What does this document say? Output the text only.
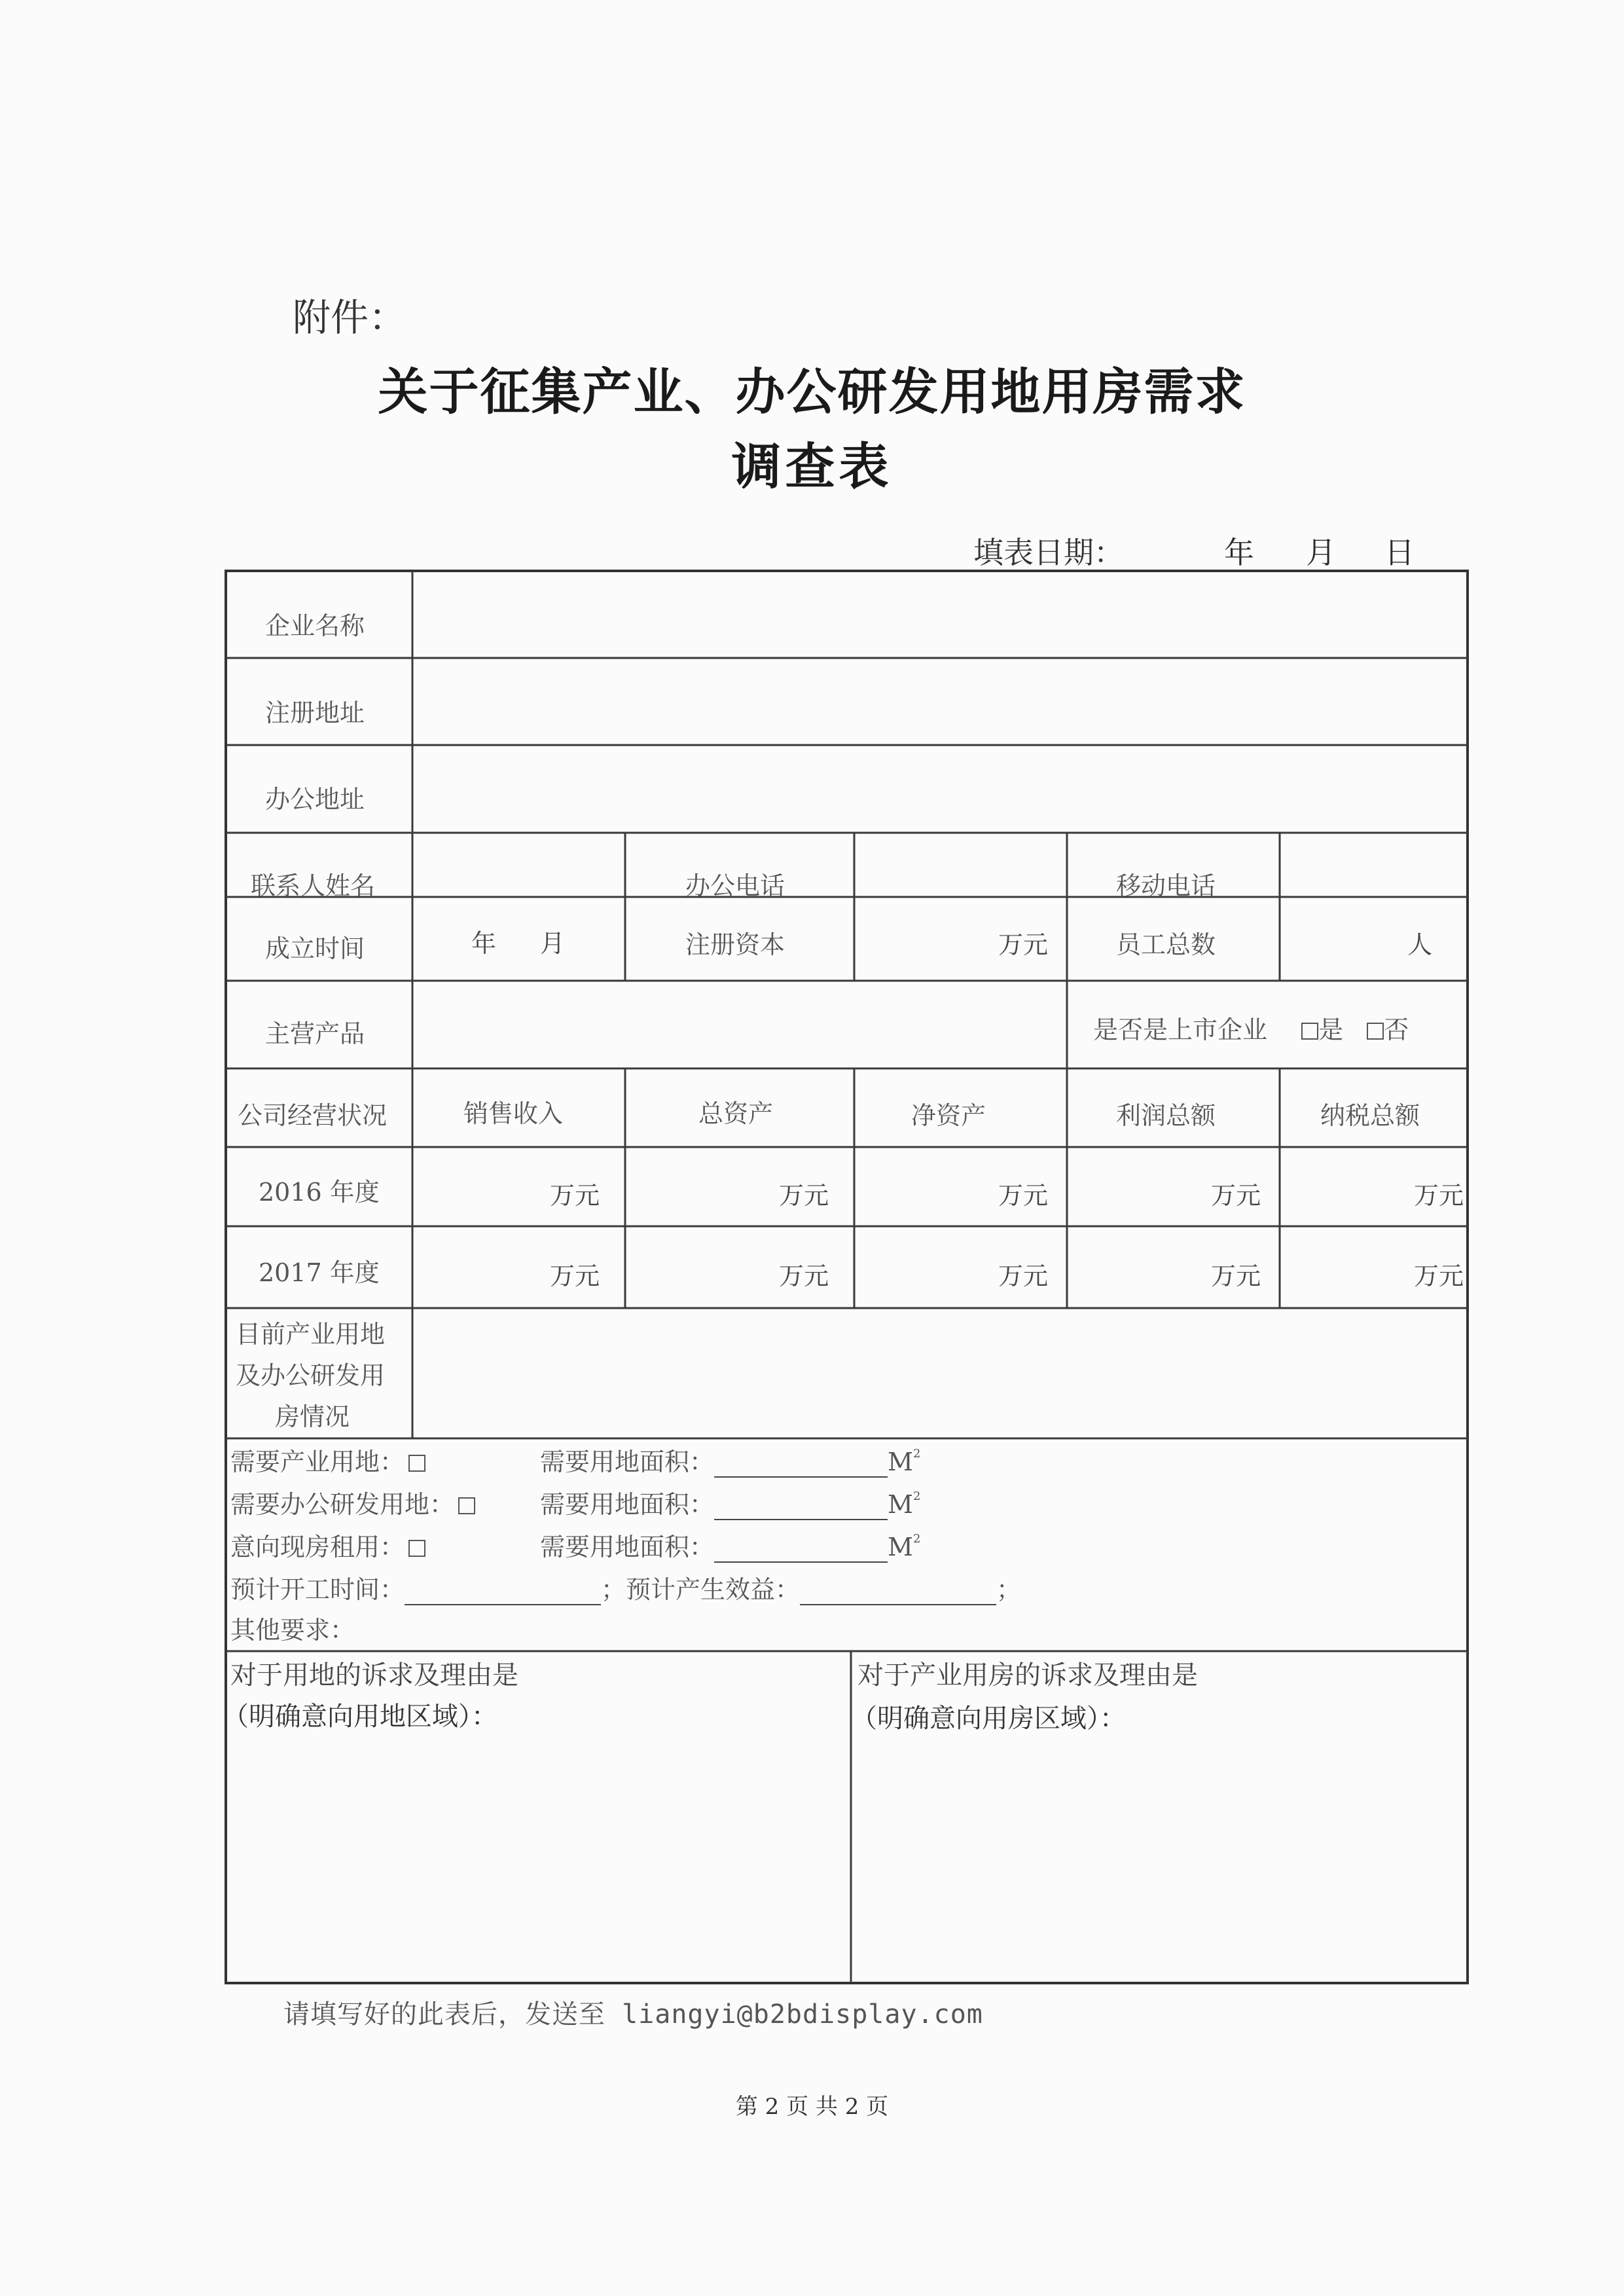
附件：
关于征集产业、办公研发用地用房需求
调查表
填表日期：	年 月 日
企业名称
注册地址
办公地址
联系人姓名	办公电话	移动电话
成立时间	年 月	注册资本	万元	员工总数	人
主营产品	是否是上市企业 是 否
公司经营状况	销售收入	总资产	净资产	利润总额	纳税总额
2016 年度	万元	万元	万元	万元	万元
2017 年度	万元	万元	万元	万元	万元
目前产业用地
及办公研发用
房情况
需要产业用地：	需要用地面积：	$M^2$
需要办公研发用地：	需要用地面积：	$M^2$
意向现房租用：	需要用地面积：	$M^2$
预计开工时间：	；预计产生效益：	；
其他要求：
对于用地的诉求及理由是
（明确意向用地区域）：
对于产业用房的诉求及理由是
（明确意向用房区域）：
请填写好的此表后，发送至 liangyi@b2bdisplay.com
第 2 页 共 2 页
